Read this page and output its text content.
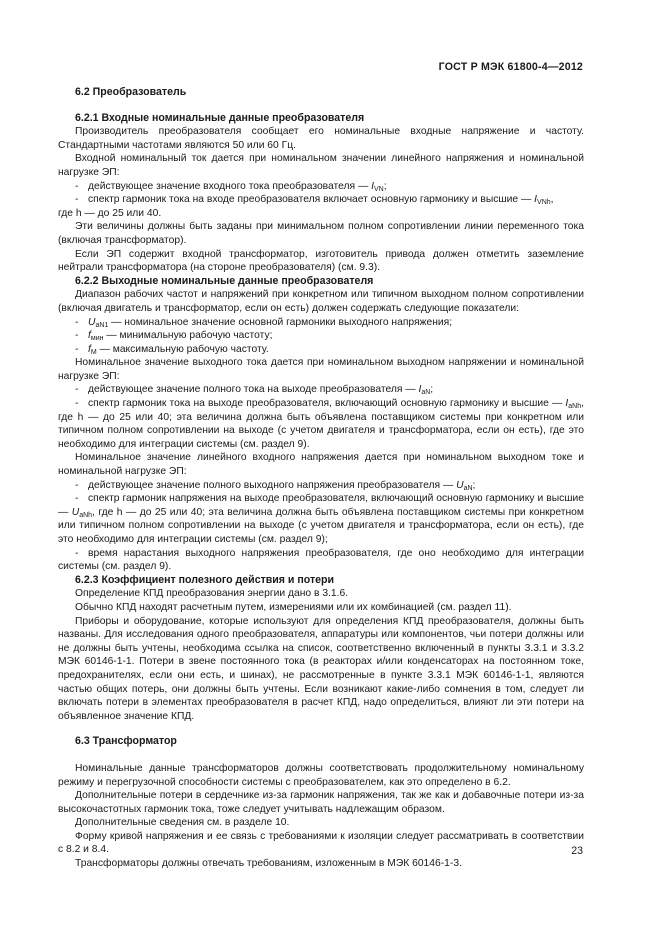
ГОСТ Р МЭК 61800-4—2012
6.2 Преобразователь
6.2.1 Входные номинальные данные преобразователя

Производитель преобразователя сообщает его номинальные входные напряжение и частоту. Стандартными частотами являются 50 или 60 Гц.

Входной номинальный ток дается при номинальном значении линейного напряжения и номинальной нагрузке ЭП:

- действующее значение входного тока преобразователя — $I_{VN}$;

- спектр гармоник тока на входе преобразователя включает основную гармонику и высшие — $I_{VNh}$,

где h — до 25 или 40.

Эти величины должны быть заданы при минимальном полном сопротивлении линии переменного тока (включая трансформатор).

Если ЭП содержит входной трансформатор, изготовитель привода должен отметить заземление нейтрали трансформатора (на стороне преобразователя) (см. 9.3).

6.2.2 Выходные номинальные данные преобразователя

Диапазон рабочих частот и напряжений при конкретном или типичном выходном полном сопротивлении (включая двигатель и трансформатор, если он есть) должен содержать следующие показатели:

- $U_{aN1}$ — номинальное значение основной гармоники выходного напряжения;

- $f_{мин}$ — минимальную рабочую частоту;

- $f_M$ — максимальную рабочую частоту.

Номинальное значение выходного тока дается при номинальном выходном напряжении и номинальной нагрузке ЭП:

- действующее значение полного тока на выходе преобразователя — $I_{aN}$;

- спектр гармоник тока на выходе преобразователя, включающий основную гармонику и высшие — $I_{aNh}$, где h — до 25 или 40; эта величина должна быть объявлена поставщиком системы при конкретном или типичном полном сопротивлении на выходе (с учетом двигателя и трансформатора, если он есть), где это необходимо для интеграции системы (см. раздел 9).

Номинальное значение линейного входного напряжения дается при номинальном выходном токе и номинальной нагрузке ЭП:

- действующее значение полного выходного напряжения преобразователя — $U_{aN}$;

- спектр гармоник напряжения на выходе преобразователя, включающий основную гармонику и высшие — $U_{aNh}$, где h — до 25 или 40; эта величина должна быть объявлена поставщиком системы при конкретном или типичном полном сопротивлении на выходе (с учетом двигателя и трансформатора, если он есть), где это необходимо для интеграции системы (см. раздел 9);

- время нарастания выходного напряжения преобразователя, где оно необходимо для интеграции системы (см. раздел 9).

6.2.3 Коэффициент полезного действия и потери

Определение КПД преобразования энергии дано в 3.1.6.

Обычно КПД находят расчетным путем, измерениями или их комбинацией (см. раздел 11).

Приборы и оборудование, которые используют для определения КПД преобразователя, должны быть названы. Для исследования одного преобразователя, аппаратуры или компонентов, чьи потери должны или не должны быть учтены, необходима ссылка на список, соответственно включенный в пункты 3.3.1 и 3.3.2 МЭК 60146-1-1. Потери в звене постоянного тока (в реакторах и/или конденсаторах на постоянном токе, предохранителях, если они есть, и шинах), не рассмотренные в пункте 3.3.1 МЭК 60146-1-1, являются частью общих потерь, они должны быть учтены. Если возникают какие-либо сомнения в том, следует ли включать потери в элементах преобразователя в расчет КПД, надо определиться, влияют ли эти потери на объявленное значение КПД.

6.3 Трансформатор

Номинальные данные трансформаторов должны соответствовать продолжительному номинальному режиму и перегрузочной способности системы с преобразователем, как это определено в 6.2.

Дополнительные потери в сердечнике из-за гармоник напряжения, так же как и добавочные потери из-за высокочастотных гармоник тока, тоже следует учитывать надлежащим образом.

Дополнительные сведения см. в разделе 10.

Форму кривой напряжения и ее связь с требованиями к изоляции следует рассматривать в соответствии с 8.2 и 8.4.

Трансформаторы должны отвечать требованиям, изложенным в МЭК 60146-1-3.

23
